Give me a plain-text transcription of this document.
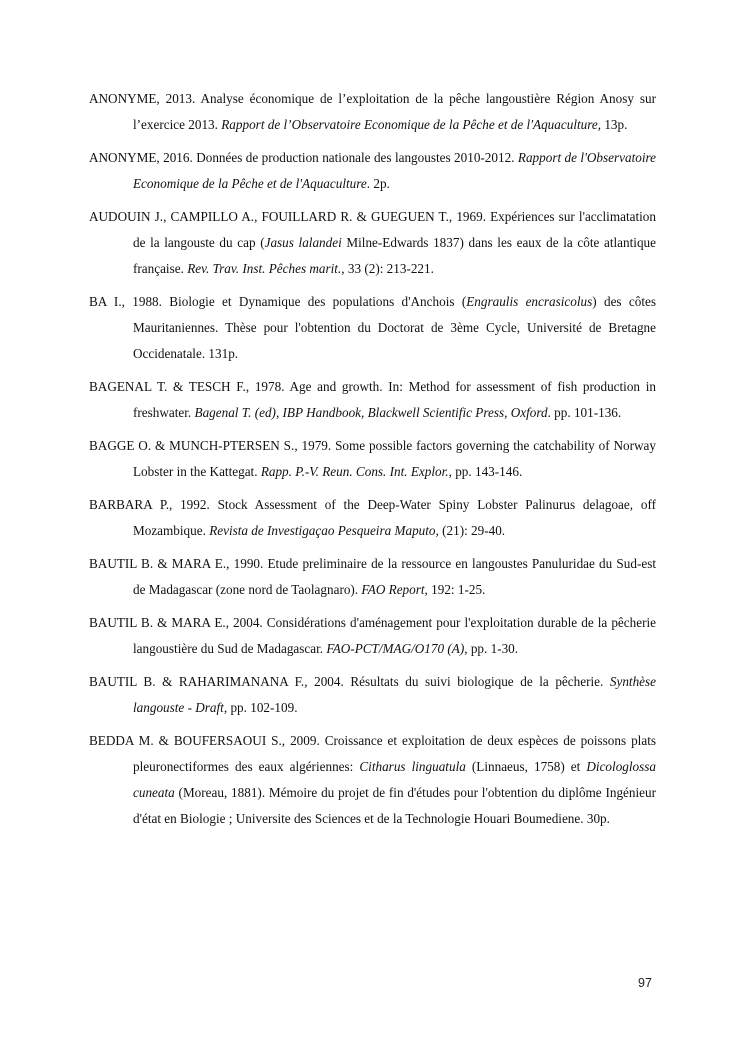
ANONYME, 2013. Analyse économique de l’exploitation de la pêche langoustière Région Anosy sur l’exercice 2013. Rapport de l’Observatoire Economique de la Pêche et de l'Aquaculture, 13p.

ANONYME, 2016. Données de production nationale des langoustes 2010-2012. Rapport de l'Observatoire Economique de la Pêche et de l'Aquaculture. 2p.

AUDOUIN J., CAMPILLO A., FOUILLARD R. & GUEGUEN T., 1969. Expériences sur l'acclimatation de la langouste du cap (Jasus lalandei Milne-Edwards 1837) dans les eaux de la côte atlantique française. Rev. Trav. Inst. Pêches marit., 33 (2): 213-221.

BA I., 1988. Biologie et Dynamique des populations d'Anchois (Engraulis encrasicolus) des côtes Mauritaniennes. Thèse pour l'obtention du Doctorat de 3ème Cycle, Université de Bretagne Occidenatale. 131p.

BAGENAL T. & TESCH F., 1978. Age and growth. In: Method for assessment of fish production in freshwater. Bagenal T. (ed), IBP Handbook, Blackwell Scientific Press, Oxford. pp. 101-136.

BAGGE O. & MUNCH-PTERSEN S., 1979. Some possible factors governing the catchability of Norway Lobster in the Kattegat. Rapp. P.-V. Reun. Cons. Int. Explor., pp. 143-146.

BARBARA P., 1992. Stock Assessment of the Deep-Water Spiny Lobster Palinurus delagoae, off Mozambique. Revista de Investigaçao Pesqueira Maputo, (21): 29-40.

BAUTIL B. & MARA E., 1990. Etude preliminaire de la ressource en langoustes Panuluridae du Sud-est de Madagascar (zone nord de Taolagnaro). FAO Report, 192: 1-25.

BAUTIL B. & MARA E., 2004. Considérations d'aménagement pour l'exploitation durable de la pêcherie langoustière du Sud de Madagascar. FAO-PCT/MAG/O170 (A), pp. 1-30.

BAUTIL B. & RAHARIMANANA F., 2004. Résultats du suivi biologique de la pêcherie. Synthèse langouste - Draft, pp. 102-109.

BEDDA M. & BOUFERSAOUI S., 2009. Croissance et exploitation de deux espèces de poissons plats pleuronectiformes des eaux algériennes: Citharus linguatula (Linnaeus, 1758) et Dicologlossa cuneata (Moreau, 1881). Mémoire du projet de fin d'études pour l'obtention du diplôme Ingénieur d'état en Biologie ; Universite des Sciences et de la Technologie Houari Boumediene. 30p.

97
